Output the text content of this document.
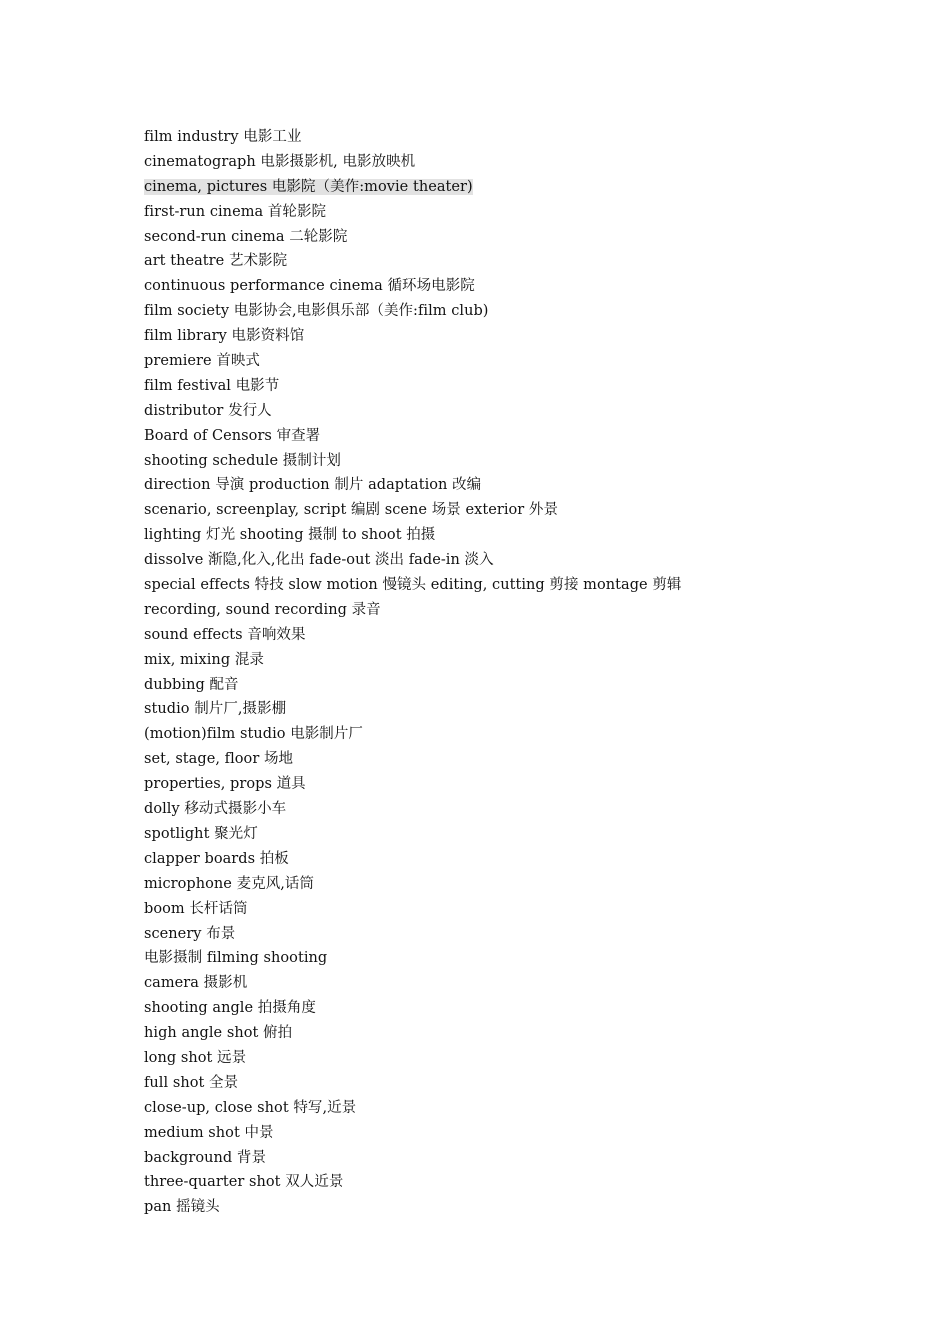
film industry 电影工业
cinematograph 电影摄影机, 电影放映机
cinema, pictures 电影院（美作:movie theater)
first-run cinema 首轮影院
second-run cinema 二轮影院
art theatre 艺术影院
continuous performance cinema 循环场电影院
film society 电影协会,电影俱乐部（美作:film club)
film library 电影资料馆
premiere 首映式
film festival 电影节
distributor 发行人
Board of Censors 审查署
shooting schedule 摄制计划
direction 导演 production 制片 adaptation 改编
scenario, screenplay, script 编剧 scene 场景 exterior 外景
lighting 灯光 shooting 摄制 to shoot 拍摄
dissolve 渐隐,化入,化出 fade-out 淡出 fade-in 淡入
special effects 特技 slow motion 慢镜头 editing, cutting 剪接 montage 剪辑
recording, sound recording 录音
sound effects 音响效果
mix, mixing 混录
dubbing 配音
studio 制片厂,摄影棚
(motion)film studio 电影制片厂
set, stage, floor 场地
properties, props 道具
dolly 移动式摄影小车
spotlight 聚光灯
clapper boards 拍板
microphone 麦克风,话筒
boom 长杆话筒
scenery 布景
电影摄制 filming shooting
camera 摄影机
shooting angle 拍摄角度
high angle shot 俯拍
long shot 远景
full shot 全景
close-up, close shot 特写,近景
medium shot 中景
background 背景
three-quarter shot 双人近景
pan 摇镜头
